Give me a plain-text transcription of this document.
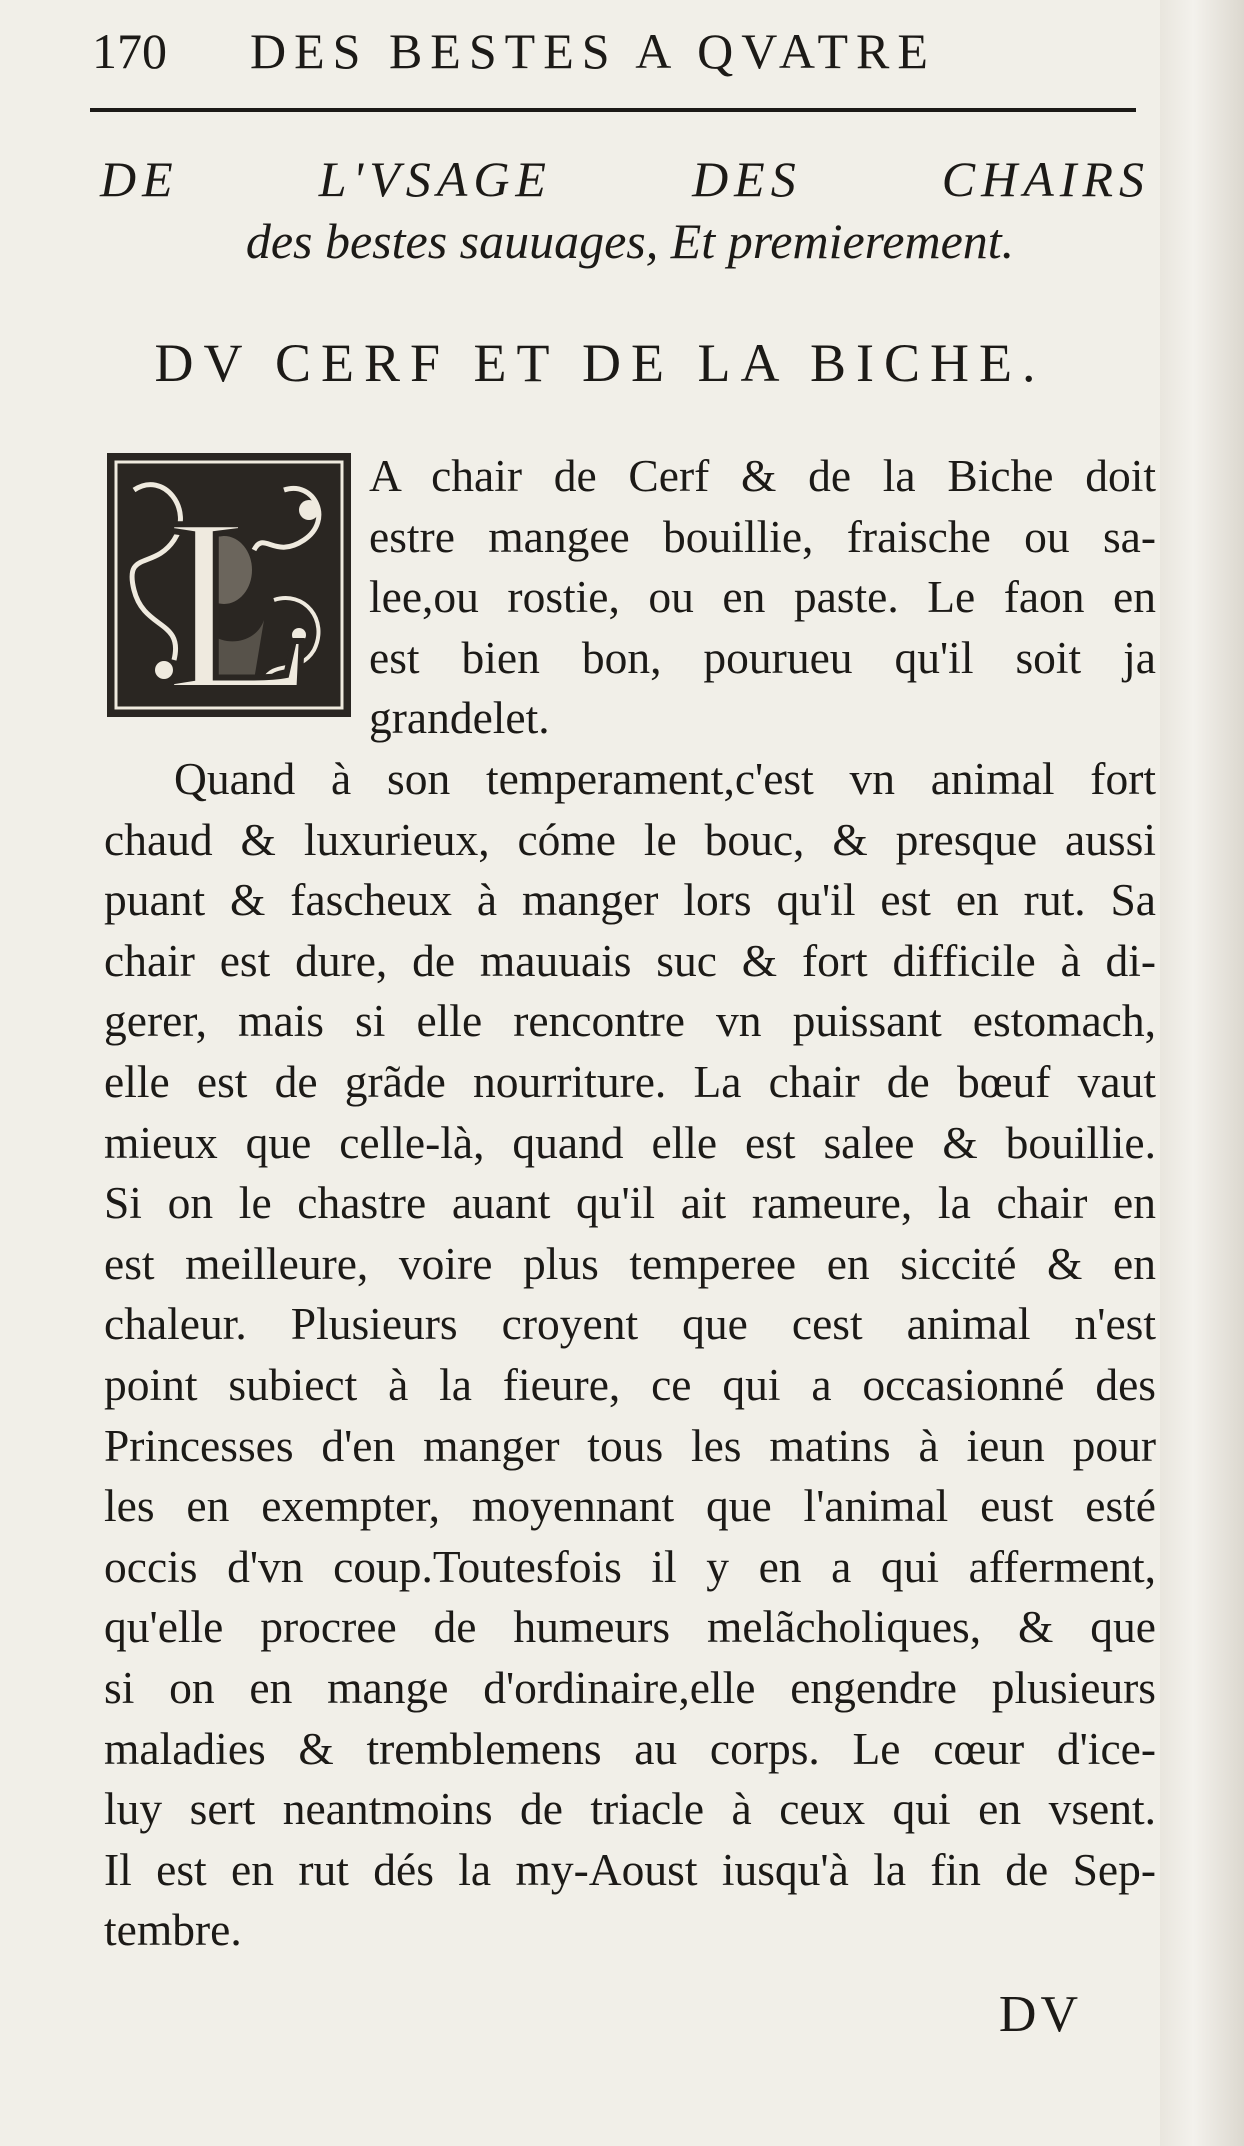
170 DES BESTES A QVATRE
DE	L'VSAGE	DES	CHAIRS
des bestes sauuages, Et premierement.
DV CERF ET DE LA BICHE.
L A chair de Cerf & de la Biche doit
estre mangee bouillie, fraische ou sa-
lee,ou rostie, ou en paste. Le faon en
est bien bon, pourueu qu'il soit ja
grandelet.
Quand à son temperament,c'est vn animal fort
chaud & luxurieux, cóme le bouc, & presque aussi
puant & fascheux à manger lors qu'il est en rut. Sa
chair est dure, de mauuais suc & fort difficile à di-
gerer, mais si elle rencontre vn puissant estomach,
elle est de grãde nourriture. La chair de bœuf vaut
mieux que celle-là, quand elle est salee & bouillie.
Si on le chastre auant qu'il ait rameure, la chair en
est meilleure, voire plus temperee en siccité & en
chaleur. Plusieurs croyent que cest animal n'est
point subiect à la fieure, ce qui a occasionné des
Princesses d'en manger tous les matins à ieun pour
les en exempter, moyennant que l'animal eust esté
occis d'vn coup.Toutesfois il y en a qui afferment,
qu'elle procree de humeurs melãcholiques, & que
si on en mange d'ordinaire,elle engendre plusieurs
maladies & tremblemens au corps. Le cœur d'ice-
luy sert neantmoins de triacle à ceux qui en vsent.
Il est en rut dés la my-Aoust iusqu'à la fin de Sep-
tembre.
DV
